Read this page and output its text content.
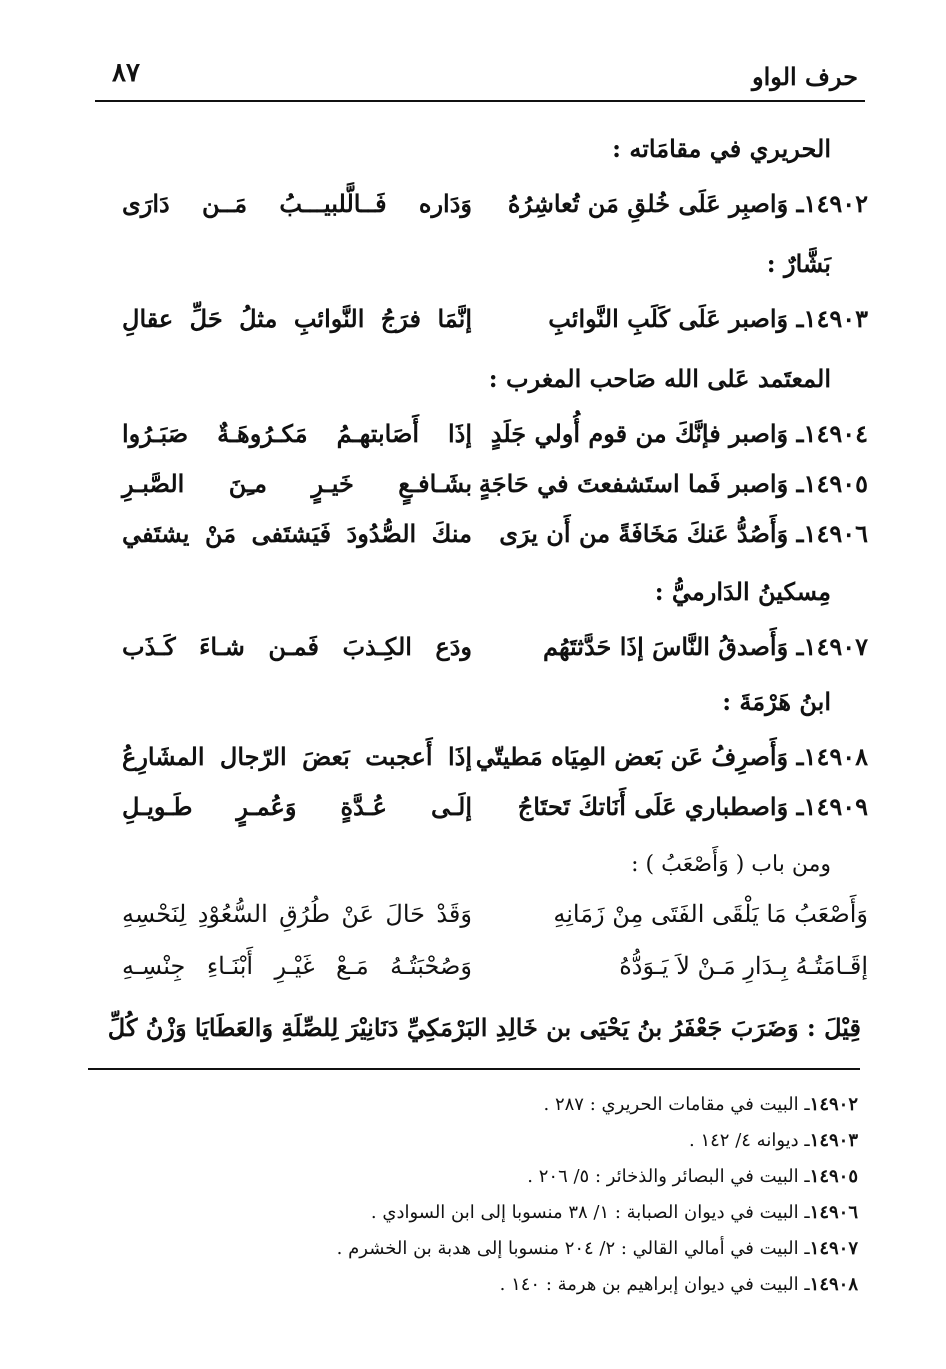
حرف الواو
٨٧
الحريري في مقامَاته :
١٤٩٠٢ـ وَاصبِر عَلَى خُلقِ مَن تُعاشِرُهُ
وَدَاره فَــالَّلبيـــبُ مَــن دَارَى
بَشَّارٌ :
١٤٩٠٣ـ وَاصبر عَلَى كَلَبِ النَّوائبِ
إنَّمَا فرَجُ النَّوائبِ مثلُ حَلِّ عقالِ
المعتَمد عَلى الله صَاحب المغرب :
١٤٩٠٤ـ وَاصبر فإنَّكَ من قوم أُولي جَلَدٍ
إذَا أَصَابتهـمُ مَكـرُوهَـةٌ صَبَـرُوا
١٤٩٠٥ـ وَاصبر فَما استَشفعتَ في حَاجَةٍ
بشَـافـعٍ خَيـرٍ مـِنَ الصَّبـرِ
١٤٩٠٦ـ وَأَصُدُّ عَنكَ مَخَافَةً من أَن يرَى
منكَ الصُّدُودَ فَيَشتَفى مَنْ يشتَفي
مِسكينُ الدَارميُّ :
١٤٩٠٧ـ وَأَصدقُ النَّاسَ إذَا حَدَّثتَهُم
ودَع الكِـذبَ فَمـن شـاءَ كَـذَب
ابنُ هَرْمَةَ :
١٤٩٠٨ـ وَأَصرِفُ عَن بَعض المِيَاه مَطيتّي
إذَا أَعجبت بَعضَ الرّجال المشَارِعُ
١٤٩٠٩ـ وَاصطباري عَلَى أَنَاتكَ تَحتَاجُ
إلَـى عُـدَّةٍ وَعُمـرٍ طَـويـلِ
ومن باب ( وَأَصْعَبُ ) :
وَأَصْعَبُ مَا يَلْقَى الفَتَى مِنْ زَمَانِهِ
وَقَدْ حَالَ عَنْ طُرُقِ السُّعُوْدِ لِنَحْسِهِ
إقَـامَتُـهُ بِـدَارِ مَـنْ لاَ يَـوَدُّهُ
وَصُحْبَتُـهُ مَـعْ غَيْـرِ أَبْنَـاءِ جِنْسِـهِ
قِيْلَ : وَضَرَبَ جَعْفَرُ بنُ يَحْيَى بن خَالِدِ البَرْمَكِيِّ دَنَانِيْرَ لِلصِّلَةِ وَالعَطَايَا وَزْنُ كُلِّ
١٤٩٠٢ـ البيت في مقامات الحريري : ٢٨٧ .
١٤٩٠٣ـ ديوانه ٤/ ١٤٢ .
١٤٩٠٥ـ البيت في البصائر والذخائر : ٥/ ٢٠٦ .
١٤٩٠٦ـ البيت في ديوان الصبابة : ١/ ٣٨ منسوبا إلى ابن السوادي .
١٤٩٠٧ـ البيت في أمالي القالي : ٢/ ٢٠٤ منسوبا إلى هدبة بن الخشرم .
١٤٩٠٨ـ البيت في ديوان إبراهيم بن هرمة : ١٤٠ .
